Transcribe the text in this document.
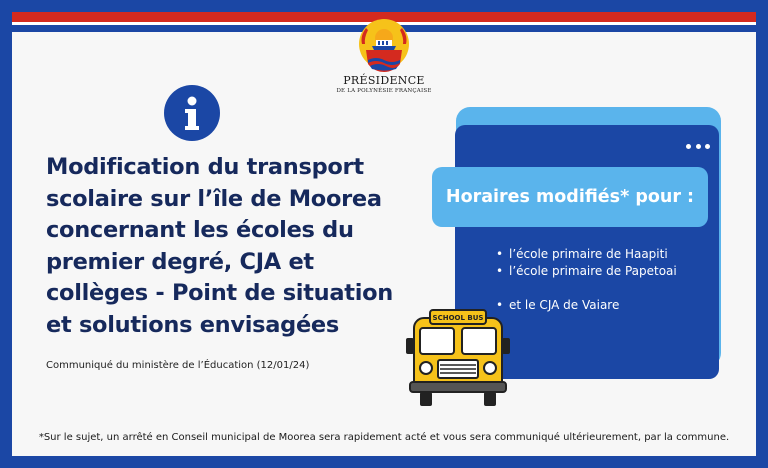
PRÉSIDENCE
DE LA POLYNÉSIE FRANÇAISE
Modification du transport scolaire sur l’île de Moorea concernant les écoles du premier degré, CJA et collèges - Point de situation et solutions envisagées
Communiqué du ministère de l’Éducation (12/01/24)
Horaires modifiés* pour :
• l’école primaire de Haapiti
• l’école primaire de Papetoai
• et le CJA de Vaiare
SCHOOL BUS
*Sur le sujet, un arrêté en Conseil municipal de Moorea sera rapidement acté et vous sera communiqué ultérieurement, par la commune.
